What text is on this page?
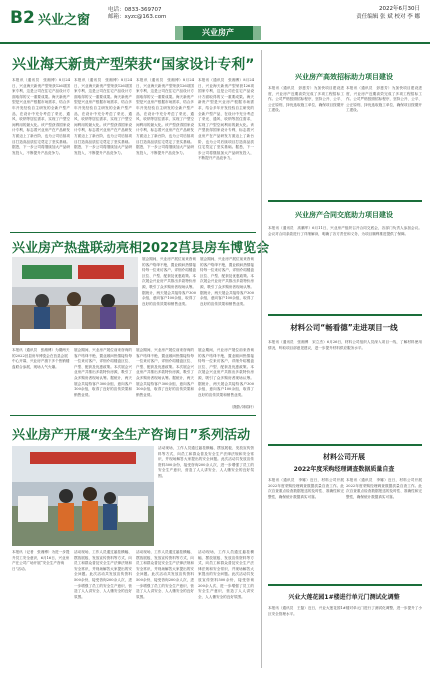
B2 兴业之窗
电话：0833-369707
邮箱：xyzc@163.com
兴业房产
2022年6月30日
责任编辑 张 斌 校对 李 娜
兴业海天新贵产型荣获“国家设计专利”
本报讯（通讯员　张湘博）8月24日，兴业海天新贵产型荣获126项国家专利，这是公司在住宅产品设计方面取得的又一重要成果。海天新贵产型是兴业房产根据市场需求，结合多年开发经验自主研发的全新户型产品，在设计中充分考虑了采光、通风、收纳等居住需求，实现了户型空间利用的最大化。该产型获得国家设计专利，标志着兴业房产在产品研发方面迈上了新台阶，也为公司后续项目打造高品质住宅奠定了坚实基础。据悉，下一步公司将继续加大产品研发投入，不断提升产品竞争力。
本报讯（通讯员　张湘博）8月24日，兴业海天新贵产型荣获126项国家专利，这是公司在住宅产品设计方面取得的又一重要成果。海天新贵产型是兴业房产根据市场需求，结合多年开发经验自主研发的全新户型产品，在设计中充分考虑了采光、通风、收纳等居住需求，实现了户型空间利用的最大化。该产型获得国家设计专利，标志着兴业房产在产品研发方面迈上了新台阶，也为公司后续项目打造高品质住宅奠定了坚实基础。据悉，下一步公司将继续加大产品研发投入，不断提升产品竞争力。
本报讯（通讯员　张湘博）8月24日，兴业海天新贵产型荣获126项国家专利，这是公司在住宅产品设计方面取得的又一重要成果。海天新贵产型是兴业房产根据市场需求，结合多年开发经验自主研发的全新户型产品，在设计中充分考虑了采光、通风、收纳等居住需求，实现了户型空间利用的最大化。该产型获得国家设计专利，标志着兴业房产在产品研发方面迈上了新台阶，也为公司后续项目打造高品质住宅奠定了坚实基础。据悉，下一步公司将继续加大产品研发投入，不断提升产品竞争力。
本报讯（通讯员　张湘博）8月24日，兴业海天新贵产型荣获126项国家专利，这是公司在住宅产品设计方面取得的又一重要成果。海天新贵产型是兴业房产根据市场需求，结合多年开发经验自主研发的全新户型产品，在设计中充分考虑了采光、通风、收纳等居住需求，实现了户型空间利用的最大化。该产型获得国家设计专利，标志着兴业房产在产品研发方面迈上了新台阶，也为公司后续项目打造高品质住宅奠定了坚实基础。据悉，下一步公司将继续加大产品研发投入，不断提升产品竞争力。
兴业房产热盘联动亮相2022莒县房车博览会
展会期间，兴业房产展位前来咨询的客户络绎不绝，置业顾问热情接待每一位来访客户，详细介绍楼盘区位、户型、配套及优惠政策。本次展会兴业房产共推出多款特价房源，吸引了众多购房者现场认筹。据统计，两天展会共接待客户300余组，意向客户100余组，取得了良好的宣传效果和销售业绩。
展会期间，兴业房产展位前来咨询的客户络绎不绝，置业顾问热情接待每一位来访客户，详细介绍楼盘区位、户型、配套及优惠政策。本次展会兴业房产共推出多款特价房源，吸引了众多购房者现场认筹。据统计，两天展会共接待客户300余组，意向客户100余组，取得了良好的宣传效果和销售业绩。
本报讯（通讯员　张湘博）为期两天的2022莒县房车博览会在莒县会展中心开幕，兴业房产旗下多个热销楼盘联合参展，现场人气火爆。
展会期间，兴业房产展位前来咨询的客户络绎不绝，置业顾问热情接待每一位来访客户，详细介绍楼盘区位、户型、配套及优惠政策。本次展会兴业房产共推出多款特价房源，吸引了众多购房者现场认筹。据统计，两天展会共接待客户300余组，意向客户100余组，取得了良好的宣传效果和销售业绩。
展会期间，兴业房产展位前来咨询的客户络绎不绝，置业顾问热情接待每一位来访客户，详细介绍楼盘区位、户型、配套及优惠政策。本次展会兴业房产共推出多款特价房源，吸引了众多购房者现场认筹。据统计，两天展会共接待客户300余组，意向客户100余组，取得了良好的宣传效果和销售业绩。
展会期间，兴业房产展位前来咨询的客户络绎不绝，置业顾问热情接待每一位来访客户，详细介绍楼盘区位、户型、配套及优惠政策。本次展会兴业房产共推出多款特价房源，吸引了众多购房者现场认筹。据统计，两天展会共接待客户300余组，意向客户100余组，取得了良好的宣传效果和销售业绩。
（摄影/刘昭轩）
兴业房产开展“安全生产咨询日”系列活动
活动现场，工作人员通过悬挂横幅、摆放展板、发放宣传资料等方式，向员工和群众普及安全生产法律法规和安全常识，并现场解答大家提出的安全问题。此次活动共发放宣传资料500余份，接受咨询200余人次，进一步增强了员工的安全生产意识，营造了人人讲安全、人人懂安全的良好氛围。
本报讯（记者　张湘博）为进一步提升员工安全意识，6月16日，兴业房产在公司广场开展“安全生产咨询日”活动。
活动现场，工作人员通过悬挂横幅、摆放展板、发放宣传资料等方式，向员工和群众普及安全生产法律法规和安全常识，并现场解答大家提出的安全问题。此次活动共发放宣传资料500余份，接受咨询200余人次，进一步增强了员工的安全生产意识，营造了人人讲安全、人人懂安全的良好氛围。
活动现场，工作人员通过悬挂横幅、摆放展板、发放宣传资料等方式，向员工和群众普及安全生产法律法规和安全常识，并现场解答大家提出的安全问题。此次活动共发放宣传资料500余份，接受咨询200余人次，进一步增强了员工的安全生产意识，营造了人人讲安全、人人懂安全的良好氛围。
活动现场，工作人员通过悬挂横幅、摆放展板、发放宣传资料等方式，向员工和群众普及安全生产法律法规和安全常识，并现场解答大家提出的安全问题。此次活动共发放宣传资料500余份，接受咨询200余人次，进一步增强了员工的安全生产意识，营造了人人讲安全、人人懂安全的良好氛围。
兴业房产高效招标助力项目建设
本报讯（通讯员　彭惠芳）为加快项目建设进度，兴业房产近期高效完成了多项工程招标工作。公司严格按照招标程序，坚持公开、公平、公正原则，择优选取施工单位，确保项目按期开工建设。
本报讯（通讯员　彭惠芳）为加快项目建设进度，兴业房产近期高效完成了多项工程招标工作。公司严格按照招标程序，坚持公开、公平、公正原则，择优选取施工单位，确保项目按期开工建设。
兴业房产合同交底助力项目建设
本报讯（通讯员　高鹏军）6月11日，兴业房产组织召开合同交底会，各部门负责人参加会议。会议对合同条款进行了详细解读，明确了各方责任和义务，为项目顺利推进提供了保障。
材料公司“畅看德”走进项目一线
本报讯（通讯员　张湘博　宋立杰）6月26日，材料公司组织人员深入项目一线，了解材料使用情况，听取项目部意见建议，进一步提升材料供应服务水平。
材料公司开展
2022年度采购经理调查数据质量自查
本报讯（通讯员　李娜）近日，材料公司开展2022年度采购经理调查数据质量自查工作。此次自查重点检查数据报送的及时性、准确性和完整性，确保统计数据真实可靠。
本报讯（通讯员　李娜）近日，材料公司开展2022年度采购经理调查数据质量自查工作。此次自查重点检查数据报送的及时性、准确性和完整性，确保统计数据真实可靠。
兴业大莲花园1#楼进行单元门测试化调整
本报讯（通讯员　王磊）近日，兴业大莲花园1#楼对单元门进行了测试化调整，进一步提升了小区安全管理水平。
